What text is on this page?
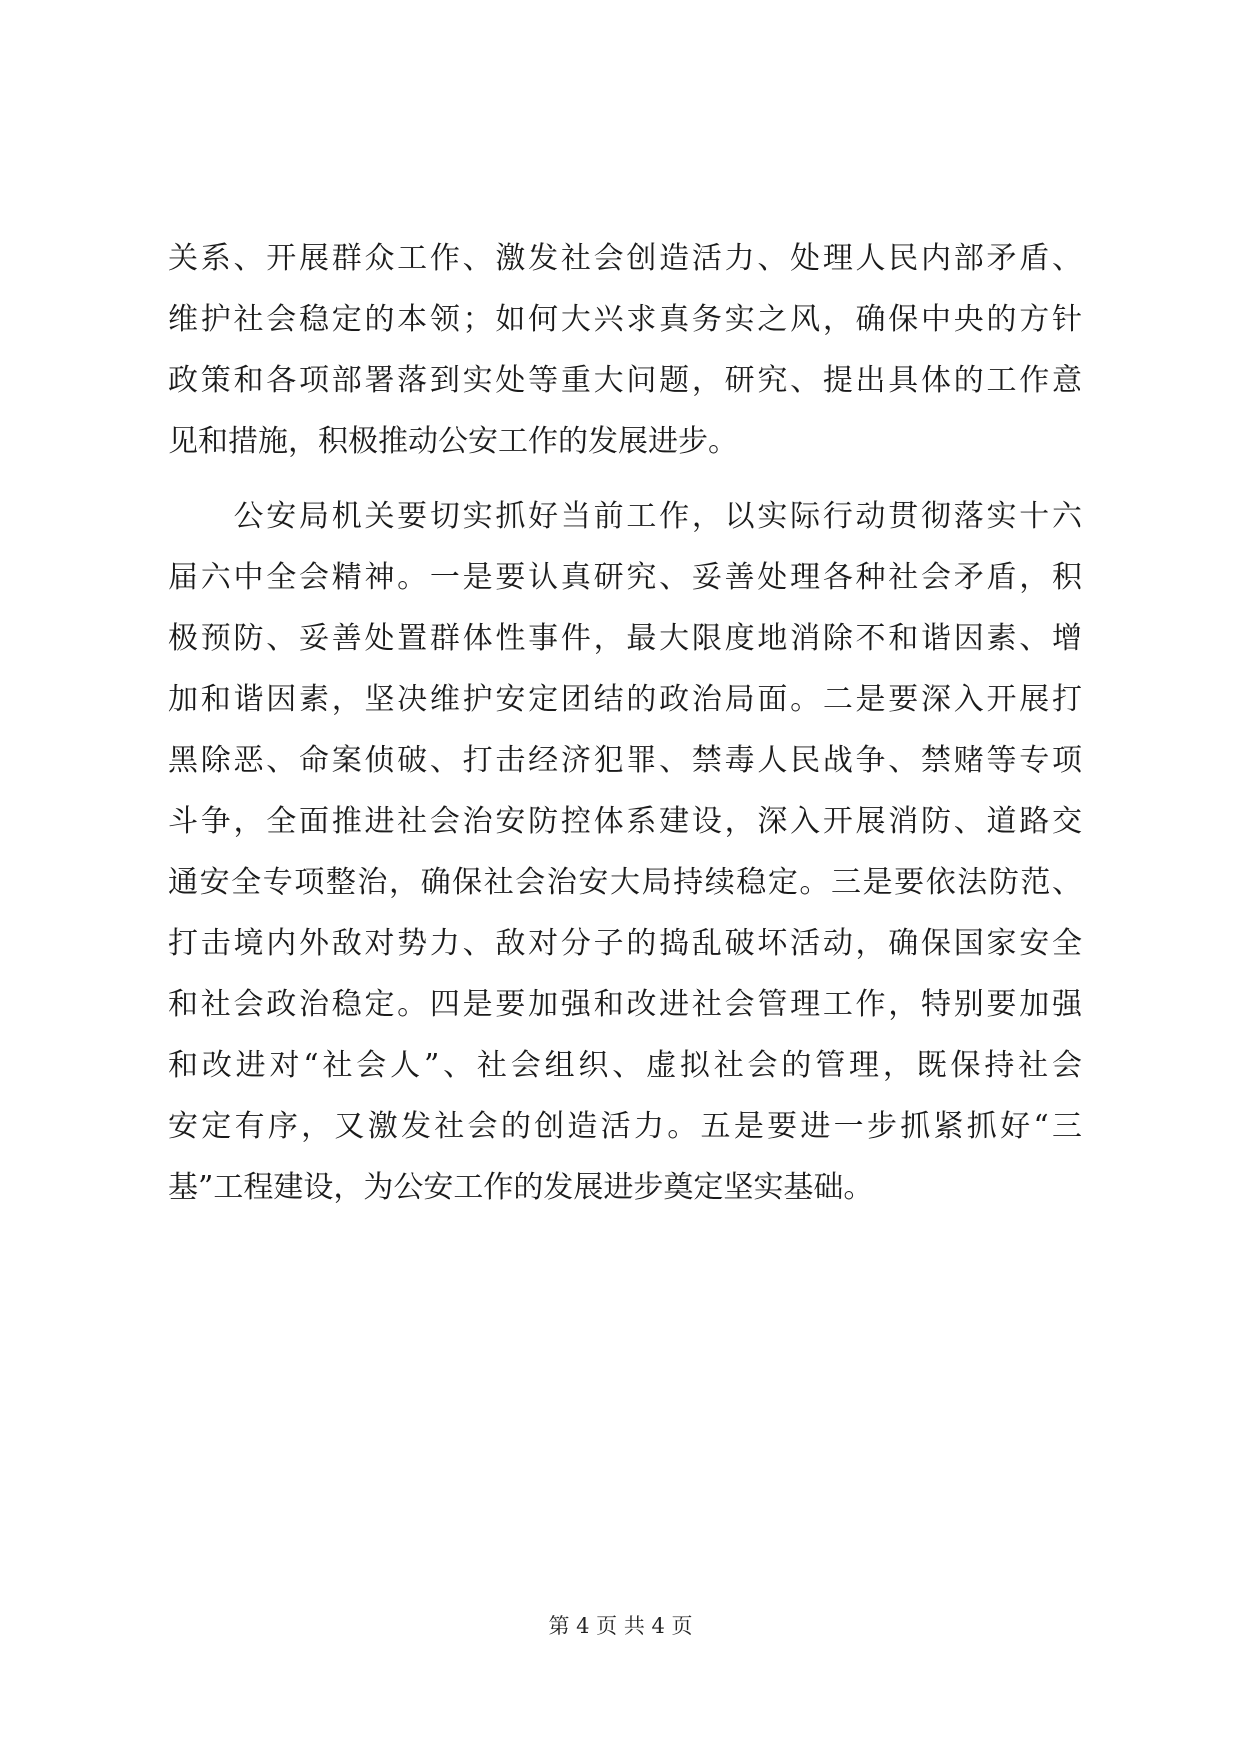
关系、开展群众工作、激发社会创造活力、处理人民内部矛盾、
维护社会稳定的本领；如何大兴求真务实之风，确保中央的方针
政策和各项部署落到实处等重大问题，研究、提出具体的工作意
见和措施，积极推动公安工作的发展进步。
　　公安局机关要切实抓好当前工作，以实际行动贯彻落实十六
届六中全会精神。一是要认真研究、妥善处理各种社会矛盾，积
极预防、妥善处置群体性事件，最大限度地消除不和谐因素、增
加和谐因素，坚决维护安定团结的政治局面。二是要深入开展打
黑除恶、命案侦破、打击经济犯罪、禁毒人民战争、禁赌等专项
斗争，全面推进社会治安防控体系建设，深入开展消防、道路交
通安全专项整治，确保社会治安大局持续稳定。三是要依法防范、
打击境内外敌对势力、敌对分子的捣乱破坏活动，确保国家安全
和社会政治稳定。四是要加强和改进社会管理工作，特别要加强
和改进对“社会人”、社会组织、虚拟社会的管理，既保持社会
安定有序，又激发社会的创造活力。五是要进一步抓紧抓好“三
基”工程建设，为公安工作的发展进步奠定坚实基础。
第 4 页 共 4 页
